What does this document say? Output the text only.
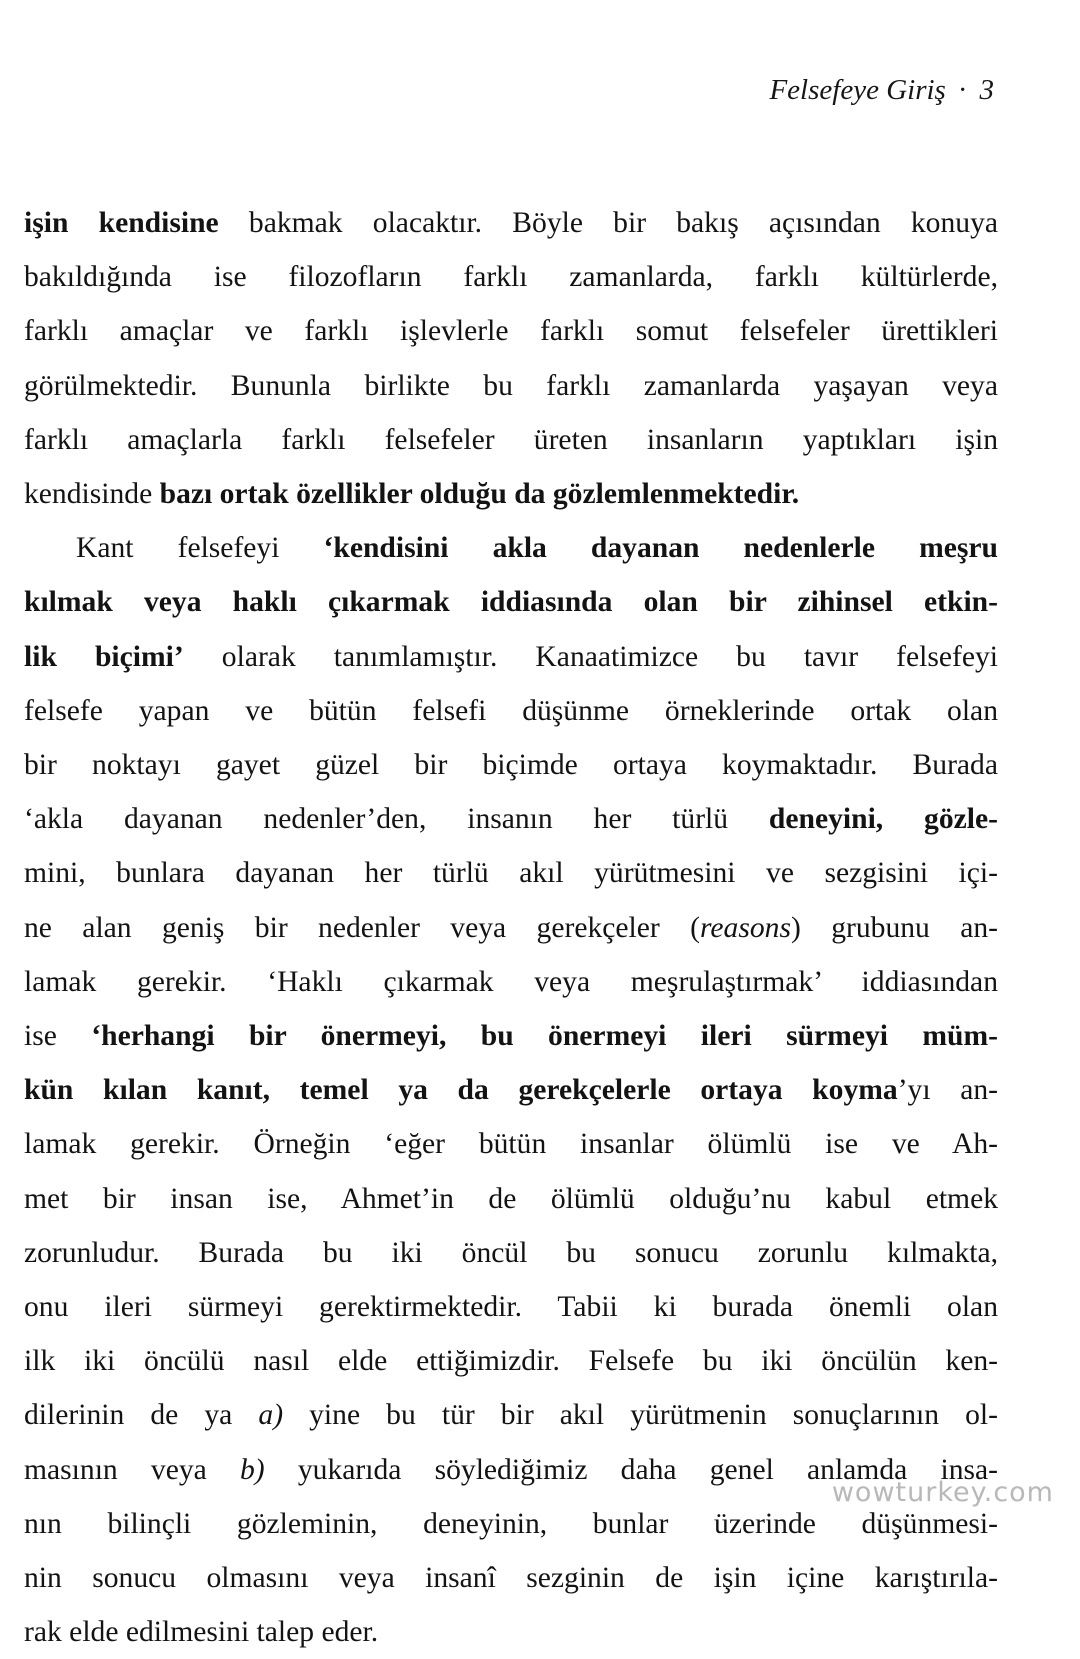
Felsefeye Giriş · 3

işin kendisine bakmak olacaktır. Böyle bir bakış açısından konuya
bakıldığında ise filozofların farklı zamanlarda, farklı kültürlerde,
farklı amaçlar ve farklı işlevlerle farklı somut felsefeler ürettikleri
görülmektedir. Bununla birlikte bu farklı zamanlarda yaşayan veya
farklı amaçlarla farklı felsefeler üreten insanların yaptıkları işin
kendisinde bazı ortak özellikler olduğu da gözlemlenmektedir.

Kant felsefeyi ‘kendisini akla dayanan nedenlerle meşru
kılmak veya haklı çıkarmak iddiasında olan bir zihinsel etkin-
lik biçimi’ olarak tanımlamıştır. Kanaatimizce bu tavır felsefeyi
felsefe yapan ve bütün felsefi düşünme örneklerinde ortak olan
bir noktayı gayet güzel bir biçimde ortaya koymaktadır. Burada
‘akla dayanan nedenler’den, insanın her türlü deneyini, gözle-
mini, bunlara dayanan her türlü akıl yürütmesini ve sezgisini içi-
ne alan geniş bir nedenler veya gerekçeler (reasons) grubunu an-
lamak gerekir. ‘Haklı çıkarmak veya meşrulaştırmak’ iddiasından
ise ‘herhangi bir önermeyi, bu önermeyi ileri sürmeyi müm-
kün kılan kanıt, temel ya da gerekçelerle ortaya koyma’yı an-
lamak gerekir. Örneğin ‘eğer bütün insanlar ölümlü ise ve Ah-
met bir insan ise, Ahmet’in de ölümlü olduğu’nu kabul etmek
zorunludur. Burada bu iki öncül bu sonucu zorunlu kılmakta,
onu ileri sürmeyi gerektirmektedir. Tabii ki burada önemli olan
ilk iki öncülü nasıl elde ettiğimizdir. Felsefe bu iki öncülün ken-
dilerinin de ya a) yine bu tür bir akıl yürütmenin sonuçlarının ol-
masının veya b) yukarıda söylediğimiz daha genel anlamda insa-
nın bilinçli gözleminin, deneyinin, bunlar üzerinde düşünmesi-
nin sonucu olmasını veya insanî sezginin de işin içine karıştırıla-
rak elde edilmesini talep eder.

wowturkey.com
